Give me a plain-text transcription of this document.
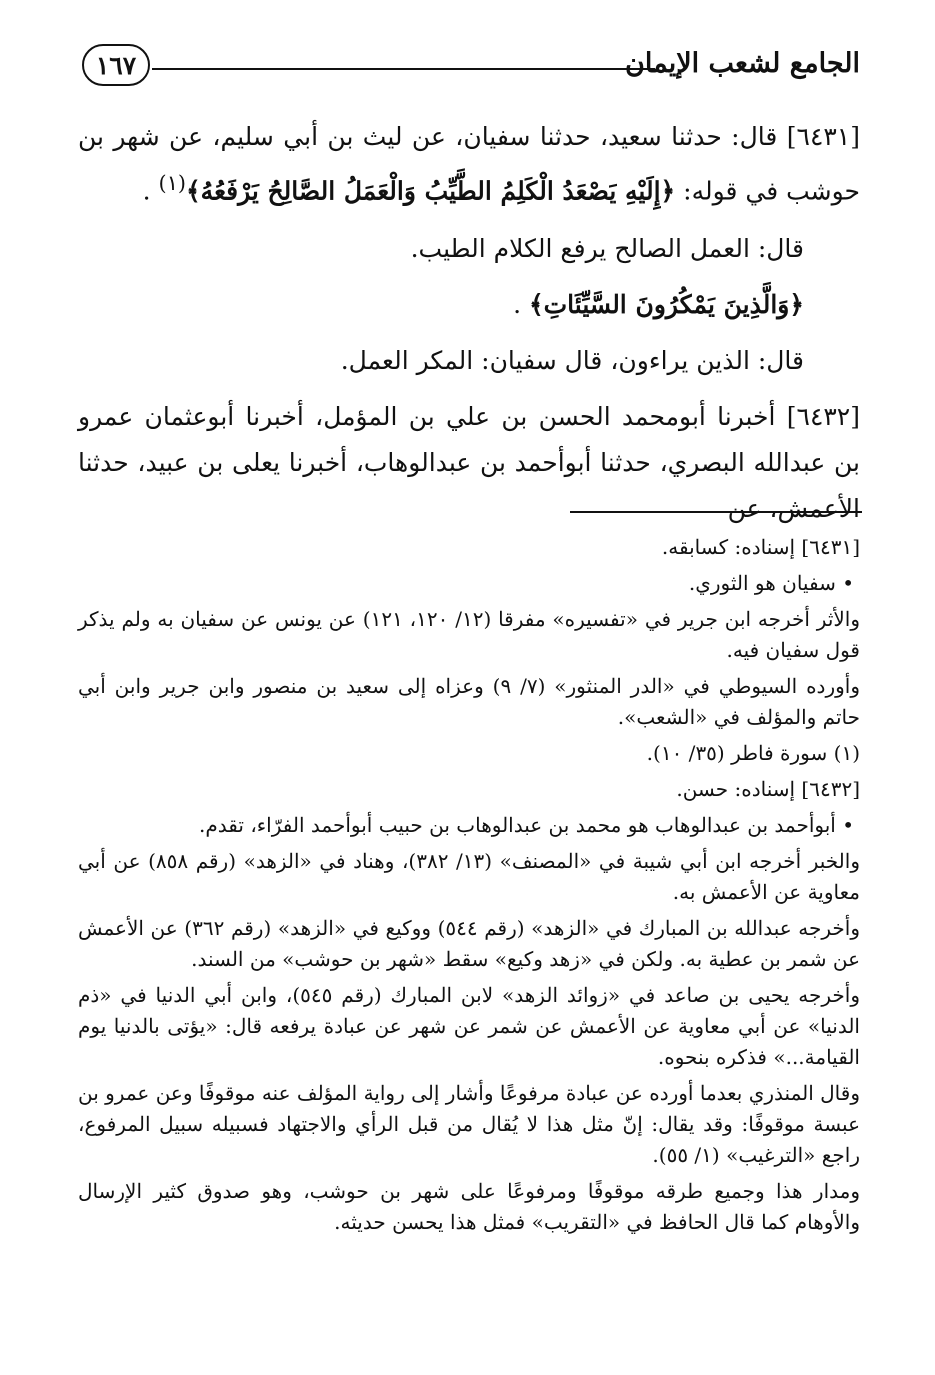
الجامع لشعب الإيمان
١٦٧

[٦٤٣١] قال: حدثنا سعيد، حدثنا سفيان، عن ليث بن أبي سليم، عن شهر بن حوشب في قوله: ﴿إِلَيْهِ يَصْعَدُ الْكَلِمُ الطَّيِّبُ وَالْعَمَلُ الصَّالِحُ يَرْفَعُهُ﴾$^{(١)}$ .

قال: العمل الصالح يرفع الكلام الطيب.

﴿وَالَّذِينَ يَمْكُرُونَ السَّيِّئَاتِ﴾ .

قال: الذين يراءون، قال سفيان: المكر العمل.

[٦٤٣٢] أخبرنا أبومحمد الحسن بن علي بن المؤمل، أخبرنا أبوعثمان عمرو بن عبدالله البصري، حدثنا أبوأحمد بن عبدالوهاب، أخبرنا يعلى بن عبيد، حدثنا الأعمش، عن

[٦٤٣١] إسناده: كسابقه.

• سفيان هو الثوري.

والأثر أخرجه ابن جرير في «تفسيره» مفرقا (١٢/ ١٢٠، ١٢١) عن يونس عن سفيان به ولم يذكر قول سفيان فيه.

وأورده السيوطي في «الدر المنثور» (٧/ ٩) وعزاه إلى سعيد بن منصور وابن جرير وابن أبي حاتم والمؤلف في «الشعب».

(١) سورة فاطر (٣٥/ ١٠).

[٦٤٣٢] إسناده: حسن.

• أبوأحمد بن عبدالوهاب هو محمد بن عبدالوهاب بن حبيب أبوأحمد الفرّاء، تقدم.

والخبر أخرجه ابن أبي شيبة في «المصنف» (١٣/ ٣٨٢)، وهناد في «الزهد» (رقم ٨٥٨) عن أبي معاوية عن الأعمش به.

وأخرجه عبدالله بن المبارك في «الزهد» (رقم ٥٤٤) ووكيع في «الزهد» (رقم ٣٦٢) عن الأعمش عن شمر بن عطية به. ولكن في «زهد وكيع» سقط «شهر بن حوشب» من السند.

وأخرجه يحيى بن صاعد في «زوائد الزهد» لابن المبارك (رقم ٥٤٥)، وابن أبي الدنيا في «ذم الدنيا» عن أبي معاوية عن الأعمش عن شمر عن شهر عن عبادة يرفعه قال: «يؤتى بالدنيا يوم القيامة...» فذكره بنحوه.

وقال المنذري بعدما أورده عن عبادة مرفوعًا وأشار إلى رواية المؤلف عنه موقوفًا وعن عمرو بن عبسة موقوفًا: وقد يقال: إنّ مثل هذا لا يُقال من قبل الرأي والاجتهاد فسبيله سبيل المرفوع، راجع «الترغيب» (١/ ٥٥).

ومدار هذا وجميع طرقه موقوفًا ومرفوعًا على شهر بن حوشب، وهو صدوق كثير الإرسال والأوهام كما قال الحافظ في «التقريب» فمثل هذا يحسن حديثه.
